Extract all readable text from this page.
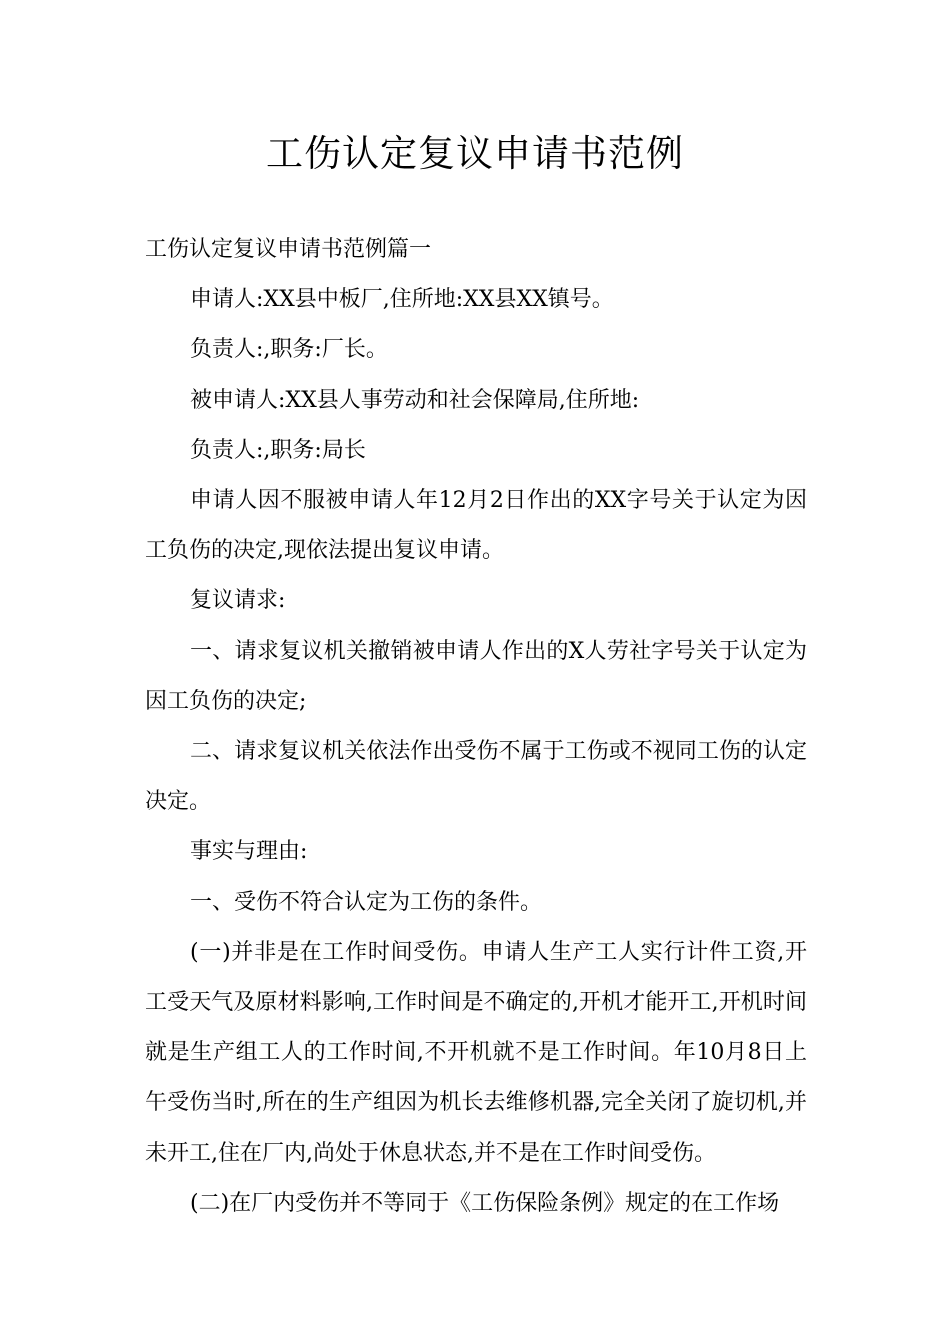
工伤认定复议申请书范例

工伤认定复议申请书范例篇一

申请人:XX县中板厂,住所地:XX县XX镇号。

负责人:,职务:厂长。

被申请人:XX县人事劳动和社会保障局,住所地:

负责人:,职务:局长

申请人因不服被申请人年12月2日作出的XX字号关于认定为因工负伤的决定,现依法提出复议申请。

复议请求:

一、请求复议机关撤销被申请人作出的X人劳社字号关于认定为因工负伤的决定;

二、请求复议机关依法作出受伤不属于工伤或不视同工伤的认定决定。

事实与理由:

一、受伤不符合认定为工伤的条件。

(一)并非是在工作时间受伤。申请人生产工人实行计件工资,开工受天气及原材料影响,工作时间是不确定的,开机才能开工,开机时间就是生产组工人的工作时间,不开机就不是工作时间。年10月8日上午受伤当时,所在的生产组因为机长去维修机器,完全关闭了旋切机,并未开工,住在厂内,尚处于休息状态,并不是在工作时间受伤。

(二)在厂内受伤并不等同于《工伤保险条例》规定的在工作场
